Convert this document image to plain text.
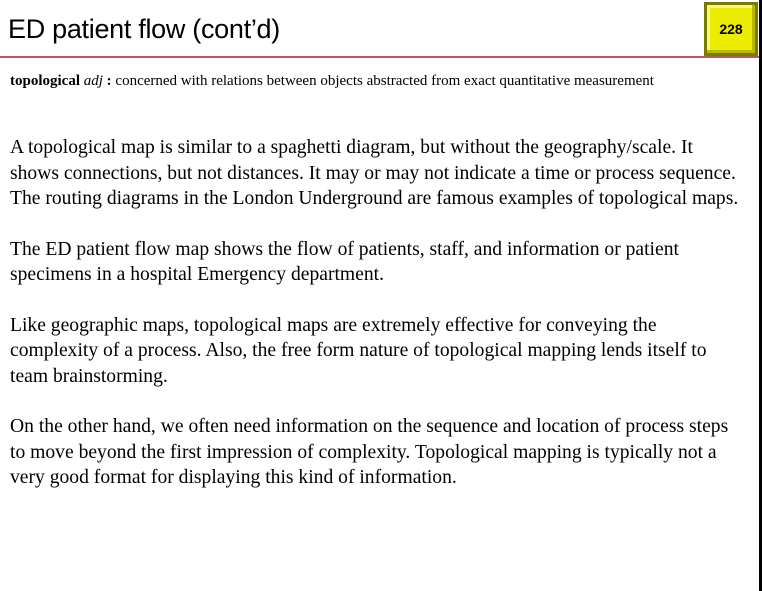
ED patient flow (cont’d)	228
topological adj : concerned with relations between objects abstracted from exact quantitative measurement

A topological map is similar to a spaghetti diagram, but without the geography/scale. It shows connections, but not distances. It may or may not indicate a time or process sequence. The routing diagrams in the London Underground are famous examples of topological maps.

The ED patient flow map shows the flow of patients, staff, and information or patient specimens in a hospital Emergency department.

Like geographic maps, topological maps are extremely effective for conveying the complexity of a process. Also, the free form nature of topological mapping lends itself to team brainstorming.

On the other hand, we often need information on the sequence and location of process steps to move beyond the first impression of complexity. Topological mapping is typically not a very good format for displaying this kind of information.
